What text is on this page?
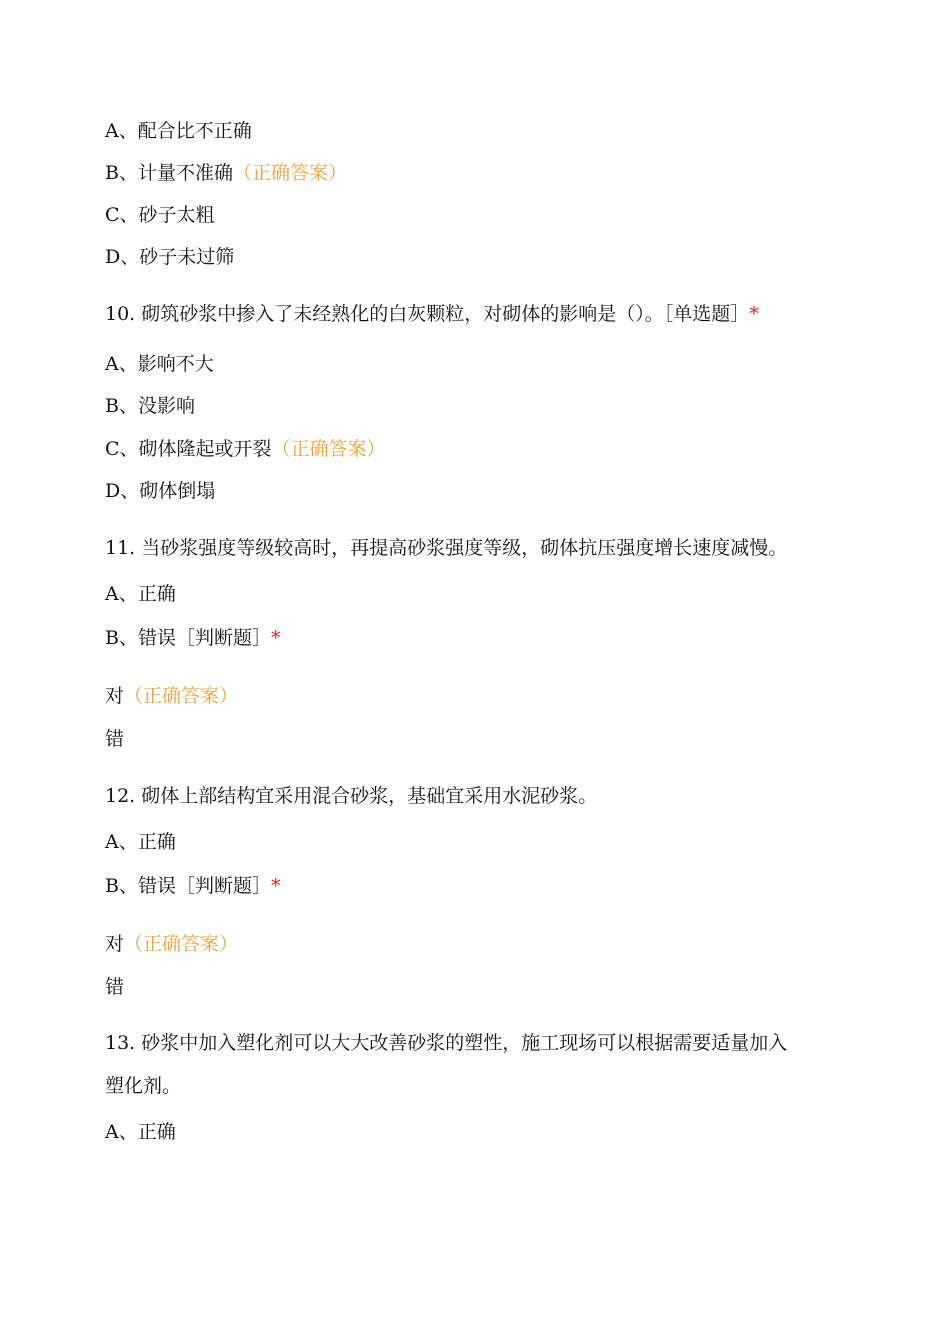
A、配合比不正确
B、计量不准确（正确答案）
C、砂子太粗
D、砂子未过筛
10. 砌筑砂浆中掺入了未经熟化的白灰颗粒，对砌体的影响是（）。［单选题］*
A、影响不大
B、没影响
C、砌体隆起或开裂（正确答案）
D、砌体倒塌
11. 当砂浆强度等级较高时，再提高砂浆强度等级，砌体抗压强度增长速度减慢。
A、正确
B、错误［判断题］*
对（正确答案）
错
12. 砌体上部结构宜采用混合砂浆，基础宜采用水泥砂浆。
A、正确
B、错误［判断题］*
对（正确答案）
错
13. 砂浆中加入塑化剂可以大大改善砂浆的塑性，施工现场可以根据需要适量加入
塑化剂。
A、正确
